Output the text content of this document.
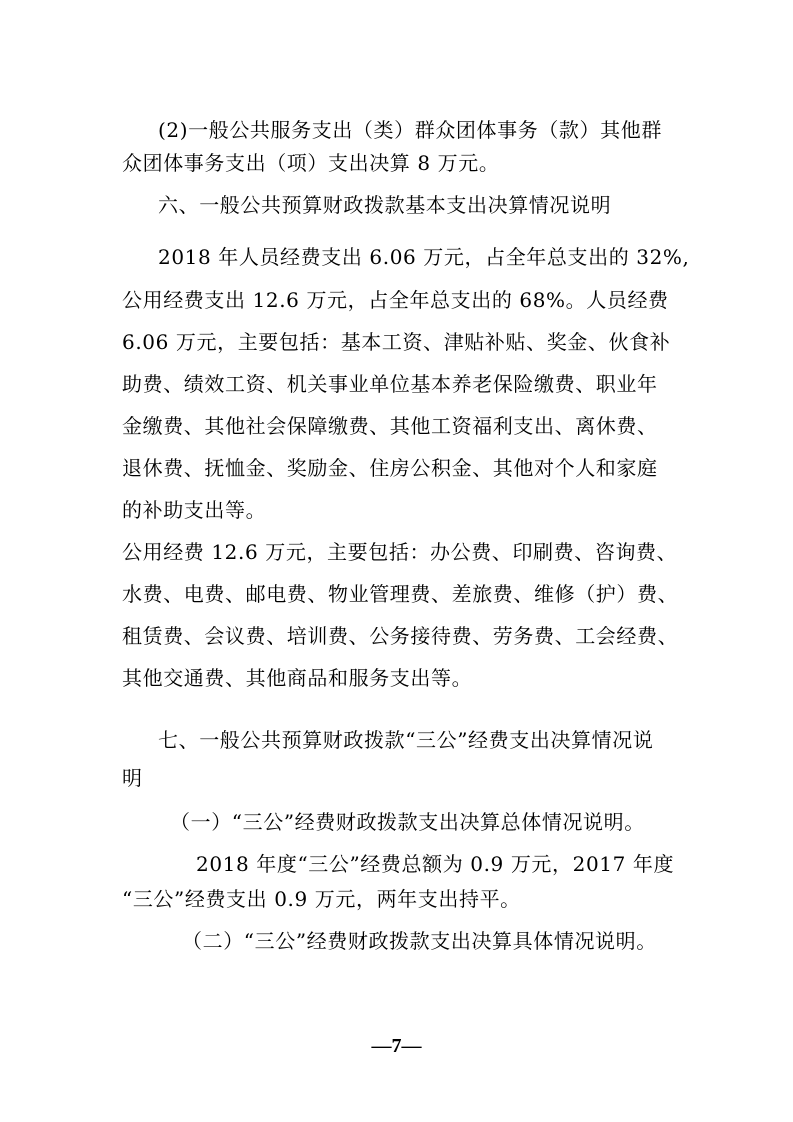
(2)一般公共服务支出（类）群众团体事务（款）其他群
众团体事务支出（项）支出决算 8 万元。
六、一般公共预算财政拨款基本支出决算情况说明
2018 年人员经费支出 6.06 万元，占全年总支出的 32%,
公用经费支出 12.6 万元，占全年总支出的 68%。人员经费
6.06 万元，主要包括：基本工资、津贴补贴、奖金、伙食补
助费、绩效工资、机关事业单位基本养老保险缴费、职业年
金缴费、其他社会保障缴费、其他工资福利支出、离休费、
退休费、抚恤金、奖励金、住房公积金、其他对个人和家庭
的补助支出等。
公用经费 12.6 万元，主要包括：办公费、印刷费、咨询费、
水费、电费、邮电费、物业管理费、差旅费、维修（护）费、
租赁费、会议费、培训费、公务接待费、劳务费、工会经费、
其他交通费、其他商品和服务支出等。
七、一般公共预算财政拨款“三公”经费支出决算情况说
明
（一）“三公”经费财政拨款支出决算总体情况说明。
2018 年度“三公”经费总额为 0.9 万元，2017 年度
“三公”经费支出 0.9 万元，两年支出持平。
（二）“三公”经费财政拨款支出决算具体情况说明。
—7—
